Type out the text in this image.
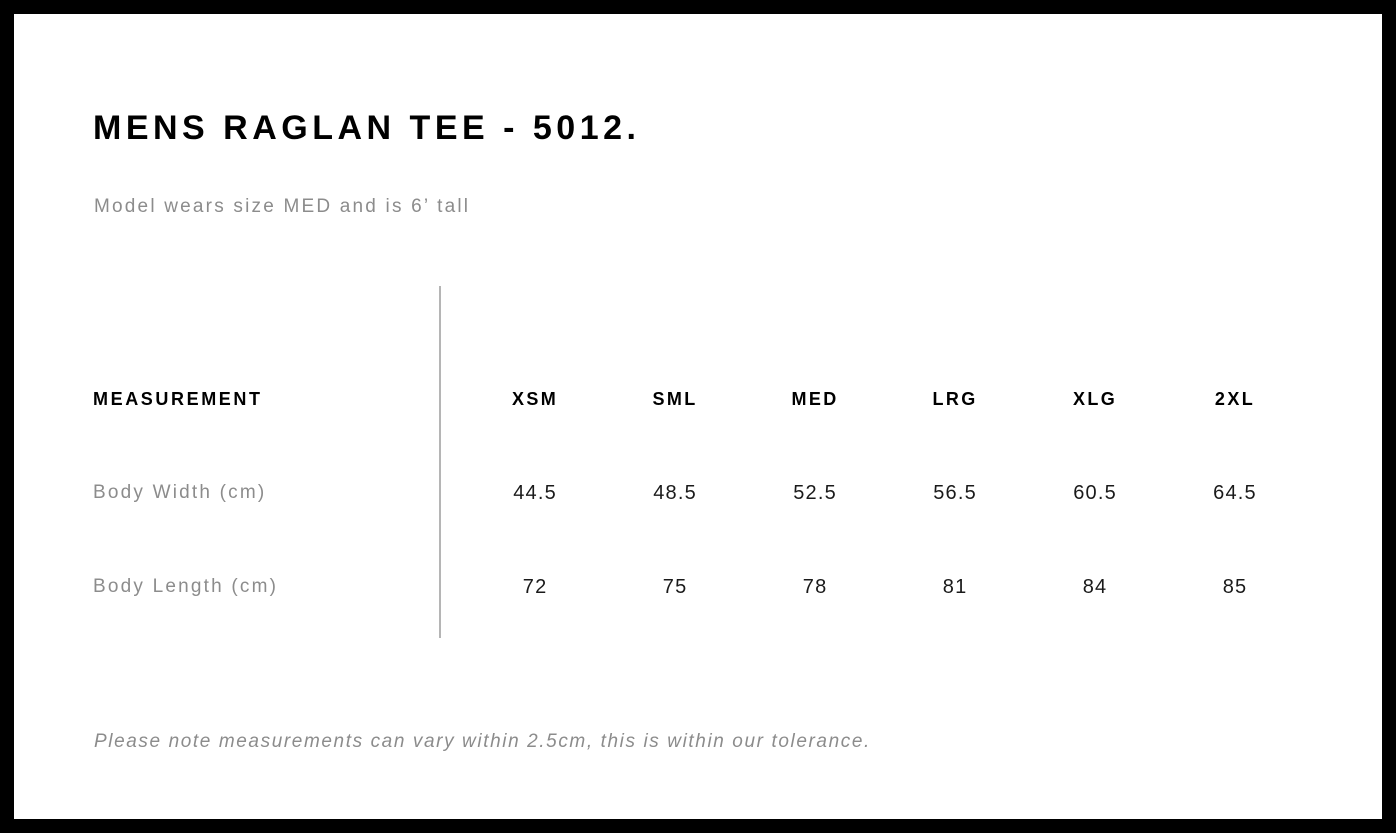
MENS RAGLAN TEE - 5012.
Model wears size MED and is 6’ tall
MEASUREMENT	XSM	SML	MED	LRG	XLG	2XL
Body Width (cm)	44.5	48.5	52.5	56.5	60.5	64.5
Body Length (cm)	72	75	78	81	84	85
Please note measurements can vary within 2.5cm, this is within our tolerance.
